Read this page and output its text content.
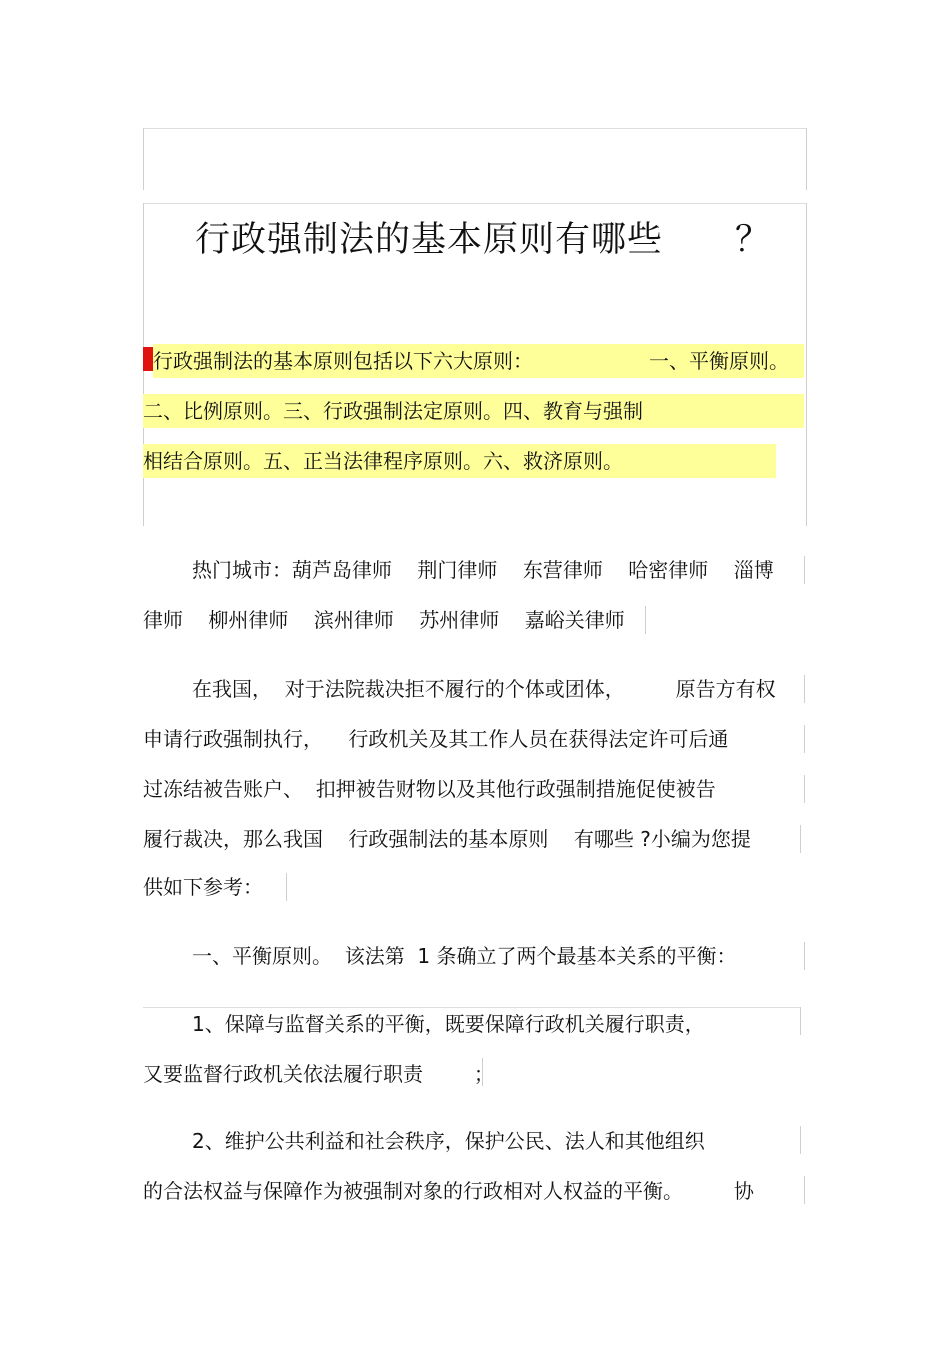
行政强制法的基本原则有哪些 ？
行政强制法的基本原则包括以下六大原则：	一、平衡原则。
二、比例原则。三、行政强制法定原则。四、教育与强制
相结合原则。五、正当法律程序原则。六、救济原则。
热门城市：葫芦岛律师    荆门律师    东营律师    哈密律师    淄博
律师    柳州律师    滨州律师    苏州律师    嘉峪关律师
在我国，  对于法院裁决拒不履行的个体或团体，        原告方有权
申请行政强制执行，    行政机关及其工作人员在获得法定许可后通
过冻结被告账户、  扣押被告财物以及其他行政强制措施促使被告
履行裁决，那么我国    行政强制法的基本原则    有哪些 ?小编为您提
供如下参考：
一、平衡原则。  该法第  1 条确立了两个最基本关系的平衡：
1、保障与监督关系的平衡，既要保障行政机关履行职责，
又要监督行政机关依法履行职责        ；
2、维护公共利益和社会秩序，保护公民、法人和其他组织
的合法权益与保障作为被强制对象的行政相对人权益的平衡。        协
